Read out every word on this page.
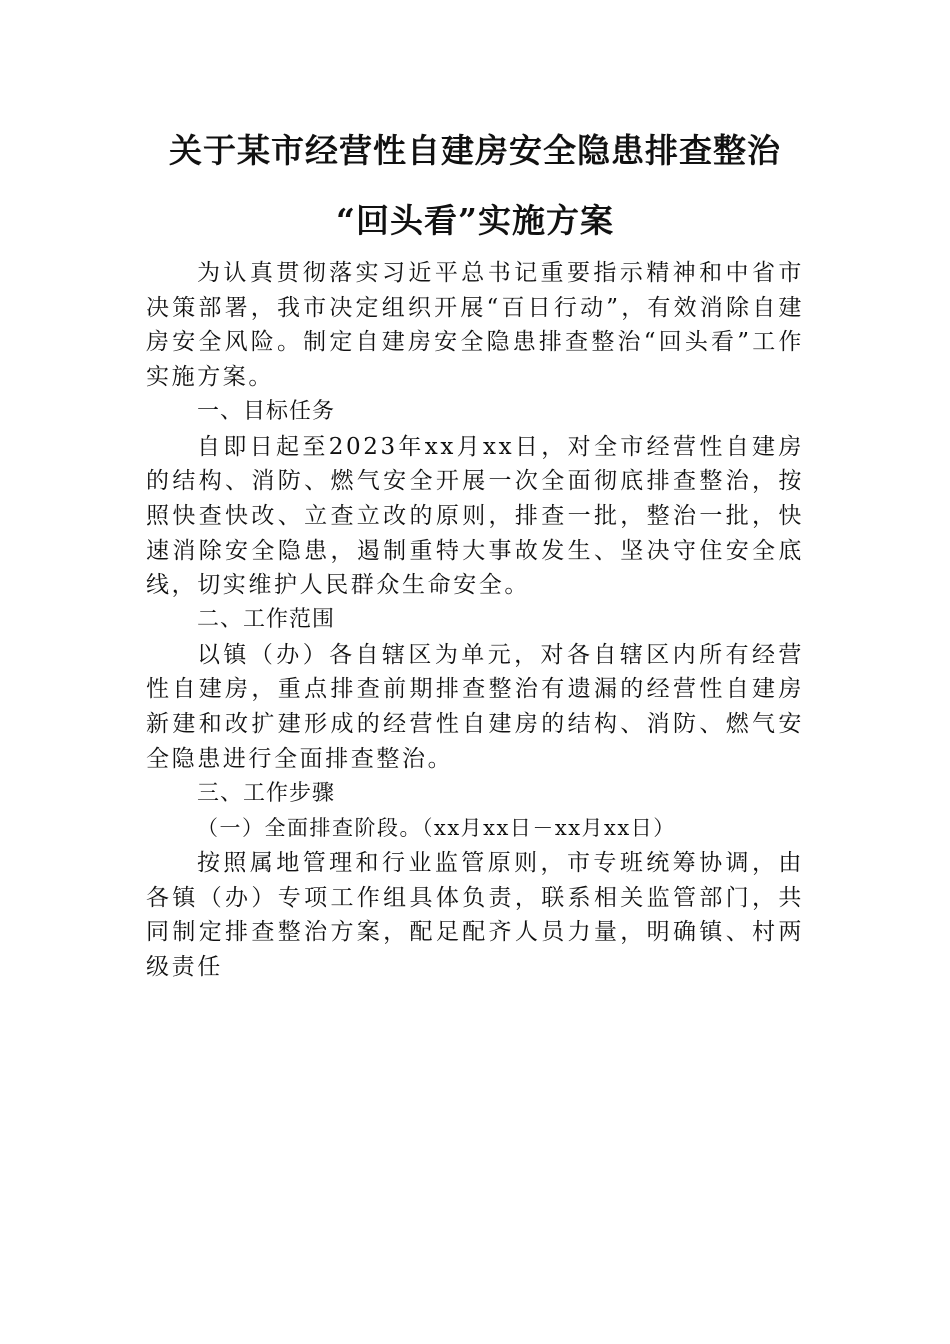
关于某市经营性自建房安全隐患排查整治
“回头看”实施方案

为认真贯彻落实习近平总书记重要指示精神和中省市决策部署，我市决定组织开展“百日行动”，有效消除自建房安全风险。制定自建房安全隐患排查整治“回头看”工作实施方案。

一、目标任务

自即日起至2023年xx月xx日，对全市经营性自建房的结构、消防、燃气安全开展一次全面彻底排查整治，按照快查快改、立查立改的原则，排查一批，整治一批，快速消除安全隐患，遏制重特大事故发生、坚决守住安全底线，切实维护人民群众生命安全。

二、工作范围

以镇（办）各自辖区为单元，对各自辖区内所有经营性自建房，重点排查前期排查整治有遗漏的经营性自建房新建和改扩建形成的经营性自建房的结构、消防、燃气安全隐患进行全面排查整治。

三、工作步骤

（一）全面排查阶段。（xx月xx日－xx月xx日）

按照属地管理和行业监管原则，市专班统筹协调，由各镇（办）专项工作组具体负责，联系相关监管部门，共同制定排查整治方案，配足配齐人员力量，明确镇、村两级责任
